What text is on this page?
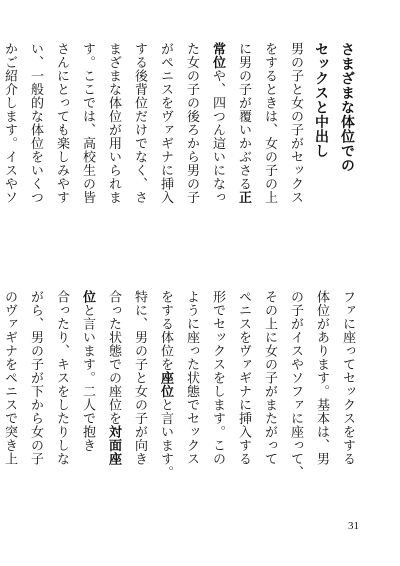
さまざまな体位での
セックスと中出し
男の子と女の子がセックス
をするときは、女の子の上
に男の子が覆いかぶさる正
常位や、四つん這いになっ
た女の子の後ろから男の子
がペニスをヴァギナに挿入
する後背位だけでなく、さ
まざまな体位が用いられま
す。ここでは、高校生の皆
さんにとっても楽しみやす
い、一般的な体位をいくつ
かご紹介します。イスやソ
ファに座ってセックスをする
体位があります。基本は、男
の子がイスやソファに座って、
その上に女の子がまたがって
ペニスをヴァギナに挿入する
形でセックスをします。この
ように座った状態でセックス
をする体位を座位と言います。
特に、男の子と女の子が向き
合った状態での座位を対面座
位と言います。二人で抱き
合ったり、キスをしたりしな
がら、男の子が下から女の子
のヴァギナをペニスで突き上
31
